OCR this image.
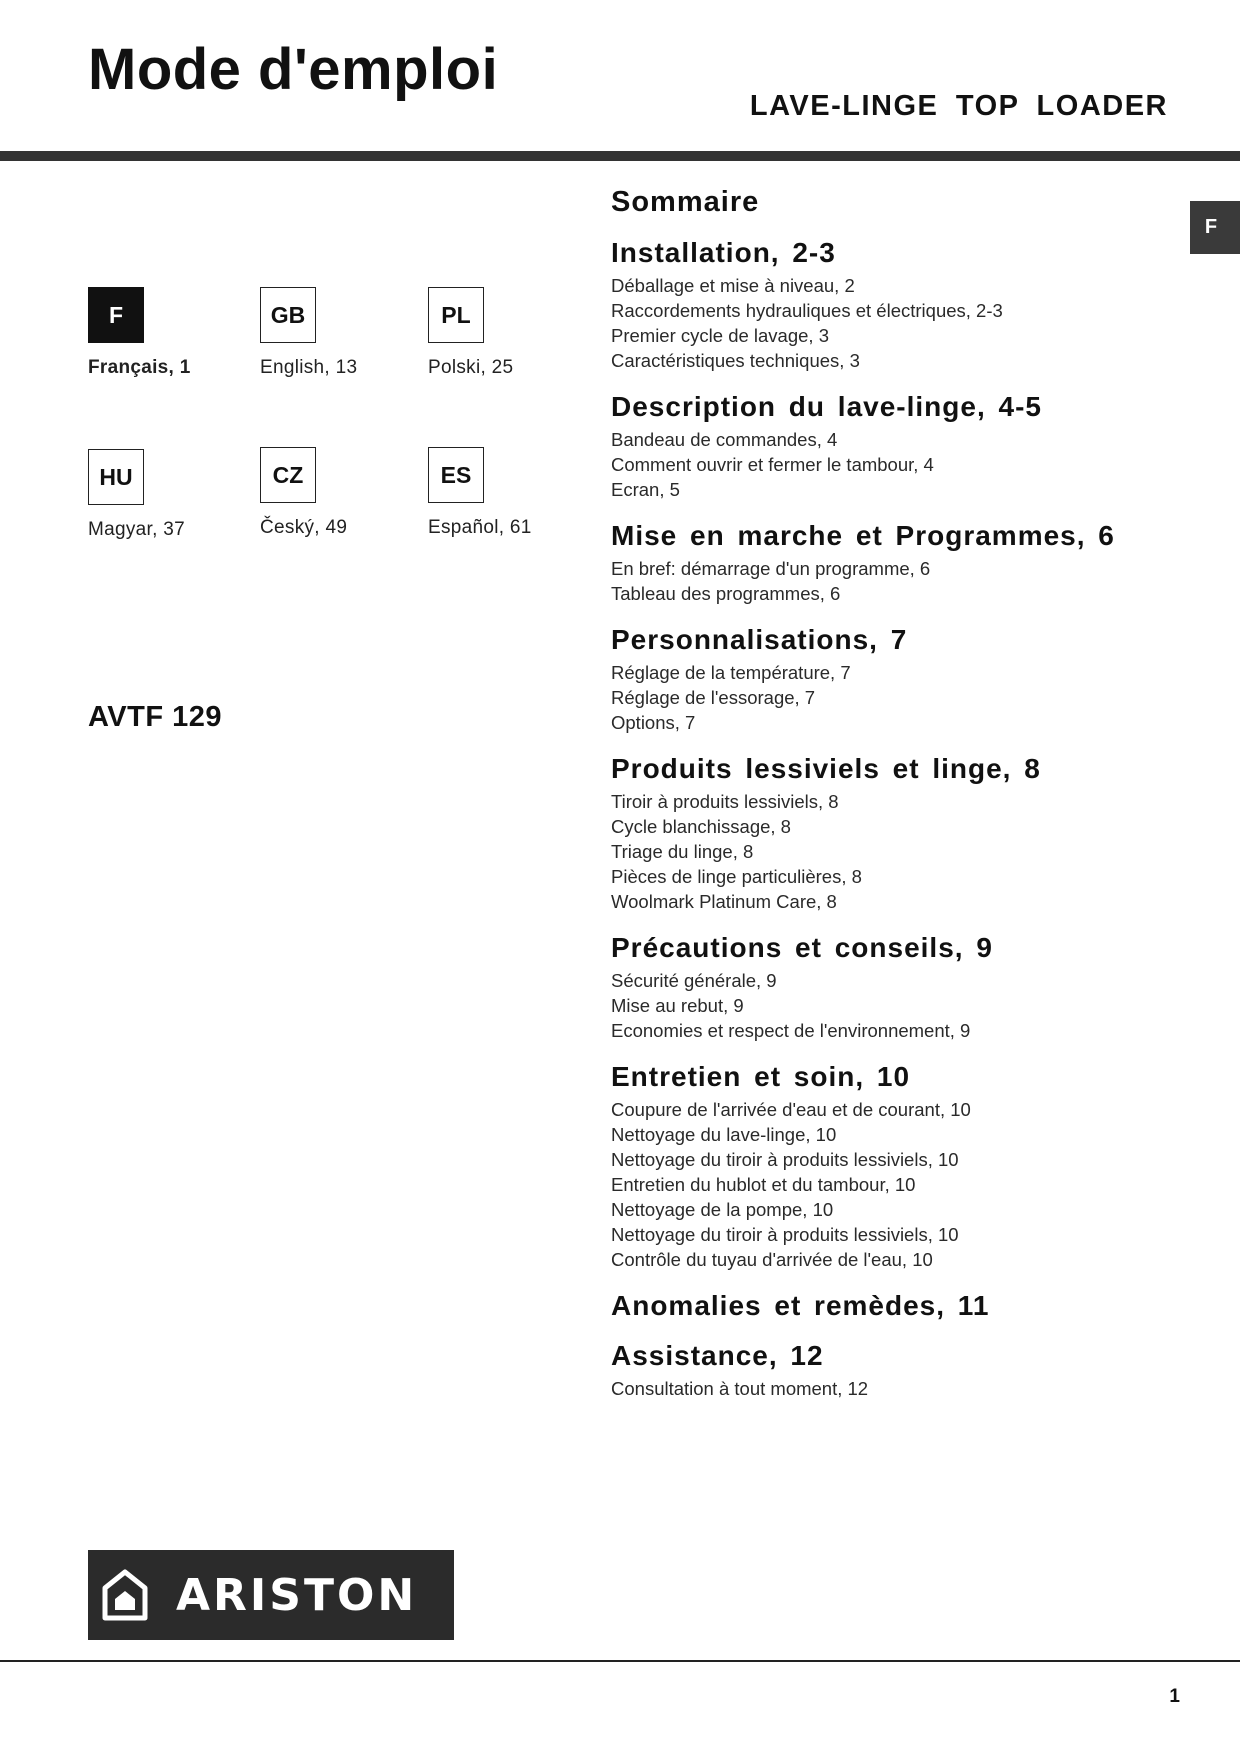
Mode d'emploi
LAVE-LINGE TOP LOADER
F
F
Français, 1
GB
English, 13
PL
Polski, 25
HU
Magyar, 37
CZ
Český, 49
ES
Español, 61
AVTF 129
Sommaire
Installation, 2-3
Déballage et mise à niveau, 2
Raccordements hydrauliques et électriques, 2-3
Premier cycle de lavage, 3
Caractéristiques techniques, 3
Description du lave-linge, 4-5
Bandeau de commandes, 4
Comment ouvrir et fermer le tambour, 4
Ecran, 5
Mise en marche et Programmes, 6
En bref: démarrage d'un programme, 6
Tableau des programmes, 6
Personnalisations, 7
Réglage de la température, 7
Réglage de l'essorage, 7
Options, 7
Produits lessiviels et linge, 8
Tiroir à produits lessiviels, 8
Cycle blanchissage, 8
Triage du linge, 8
Pièces de linge particulières, 8
Woolmark Platinum Care, 8
Précautions et conseils, 9
Sécurité générale, 9
Mise au rebut, 9
Economies et respect de l'environnement, 9
Entretien et soin, 10
Coupure de l'arrivée d'eau et de courant, 10
Nettoyage du lave-linge, 10
Nettoyage du tiroir à produits lessiviels, 10
Entretien du hublot et du tambour, 10
Nettoyage de la pompe, 10
Nettoyage du tiroir à produits lessiviels, 10
Contrôle du tuyau d'arrivée de l'eau, 10
Anomalies et remèdes, 11
Assistance, 12
Consultation à tout moment, 12
ARISTON
1
